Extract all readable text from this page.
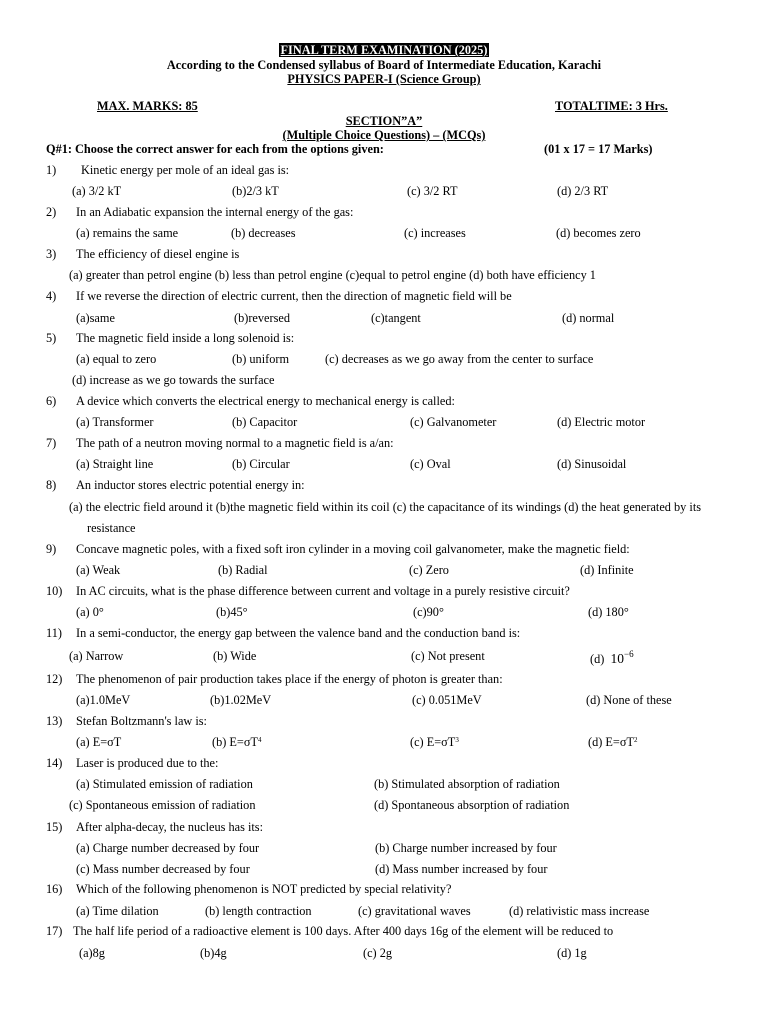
FINAL TERM EXAMINATION (2025)
According to the Condensed syllabus of Board of Intermediate Education, Karachi
PHYSICS PAPER-I (Science Group)
MAX. MARKS: 85	TOTALTIME: 3 Hrs.
SECTION”A”
(Multiple Choice Questions) – (MCQs)
Q#1: Choose the correct answer for each from the options given:	(01 x 17 = 17 Marks)
1) Kinetic energy per mole of an ideal gas is:
(a) 3/2 kT	(b)2/3 kT	(c) 3/2 RT	(d) 2/3 RT
2) In an Adiabatic expansion the internal energy of the gas:
(a) remains the same	(b) decreases	(c) increases	(d) becomes zero
3) The efficiency of diesel engine is
(a) greater than petrol engine (b) less than petrol engine (c)equal to petrol engine (d) both have efficiency 1
4) If we reverse the direction of electric current, then the direction of magnetic field will be
(a)same	(b)reversed	(c)tangent	(d) normal
5) The magnetic field inside a long solenoid is:
(a) equal to zero	(b) uniform	(c) decreases as we go away from the center to surface
(d) increase as we go towards the surface
6) A device which converts the electrical energy to mechanical energy is called:
(a) Transformer	(b) Capacitor	(c) Galvanometer	(d) Electric motor
7) The path of a neutron moving normal to a magnetic field is a/an:
(a) Straight line	(b) Circular	(c) Oval	(d) Sinusoidal
8) An inductor stores electric potential energy in:
(a) the electric field around it (b)the magnetic field within its coil (c) the capacitance of its windings (d) the heat generated by its
resistance
9) Concave magnetic poles, with a fixed soft iron cylinder in a moving coil galvanometer, make the magnetic field:
(a) Weak	(b) Radial	(c) Zero	(d) Infinite
10) In AC circuits, what is the phase difference between current and voltage in a purely resistive circuit?
(a) 0°	(b)45°	(c)90°	(d) 180°
11) In a semi-conductor, the energy gap between the valence band and the conduction band is:
(a) Narrow	(b) Wide	(c) Not present	(d) $10^{-6}$
12) The phenomenon of pair production takes place if the energy of photon is greater than:
(a)1.0MeV	(b)1.02MeV	(c) 0.051MeV	(d) None of these
13) Stefan Boltzmann's law is:
(a) E=σT	(b) $E=\sigma T^4$	(c) $E=\sigma T^3$	(d) $E=\sigma T^2$
14) Laser is produced due to the:
(a) Stimulated emission of radiation	(b) Stimulated absorption of radiation
(c) Spontaneous emission of radiation	(d) Spontaneous absorption of radiation
15) After alpha-decay, the nucleus has its:
(a) Charge number decreased by four	(b) Charge number increased by four
(c) Mass number decreased by four	(d) Mass number increased by four
16) Which of the following phenomenon is NOT predicted by special relativity?
(a) Time dilation	(b) length contraction	(c) gravitational waves	(d) relativistic mass increase
17) The half life period of a radioactive element is 100 days. After 400 days 16g of the element will be reduced to
(a)8g	(b)4g	(c) 2g	(d) 1g
